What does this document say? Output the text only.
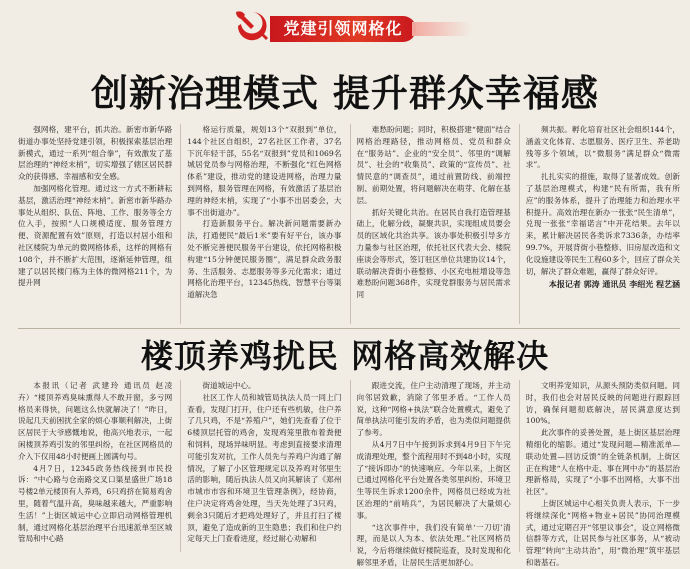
党建引领网格化
创新治理模式 提升群众幸福感

强网格，建平台，抓共治。新密市新华路街道办事处坚持党建引领，积极探索基层治理新模式，通过一系列“组合拳”，有效激发了基层治理的“神经末梢”，切实增强了辖区居民群众的获得感、幸福感和安全感。

加强网格化管理。通过这一方式不断耕耘基层，激活治理“神经末梢”。新密市新华路办事处从组织、队伍、阵地、工作、服务等全方位入手，按照“人口规模适度、服务管理方便、资源配置有效”原则，打造以村居小组和社区楼院为单元的微网格体系，这样的网格有108个，并不断扩大范围，逐渐延伸管理，组建了以居民楼门栋为主体的微网格211个，为提升网

格运行质量，规划13个“双报到”单位，144个社区自组织，27名社区工作者，37名下沉年轻干部，55名“双报到”党员和1069名城居党员参与网格治理，不断强化“红色网格体系”建设，推动党的建设进网格，治理力量到网格，服务管理在网格，有效激活了基层治理的神经末梢，实现了“小事不出居委会，大事不出街道办”。

打造新服务平台。解决新问题需要新办法，打通便民“最后1米”要有好平台，该办事处不断完善便民服务平台建设，依托网格积极构建“15分钟便民服务圈”，满足群众政务服务、生活服务、志愿服务等多元化需求；通过网格化治理平台，12345热线、智慧平台等渠道解决急

难愁盼问题；同时，积极搭建“健面”结合网格治理路径，推动网格员、党员和群众在“服务站”、企业的“安全员”、邻里的“调解员”、社会的“收集员”、政策的“宣传员”、社情民意的“调查员”，通过前置防线、前端控制、前期处置，将问题解决在萌芽、化解在基层。

抓好关键化共治。在居民自我打造管理基础上，化解分歧，凝聚共识，实现组成员要会员的区域化共治共享。该办事处积极引导多方力量参与社区治理，依托社区代表大会、楼院座谈会等形式，签订驻区单位共建协议14个，联动解决背街小巷整修、小区充电桩增设等急难愁盼问题368件，实现党群服务与居民需求同

频共振。孵化培育社区社会组织144个，涵盖文化体育、志愿服务、医疗卫生、养老助残等多个领域，以“微服务”满足群众“微需求”。

扎扎实实的措施，取得了显著成效。创新了基层治理模式，构建“民有所需，我有所应”的服务体系，提升了治理能力和治理水平积提升。高效治理在新办一张张“民生清单”，兑现一张张“幸福诺言”中开花结果。去年以来，累计解决居民各类诉求7336条，办结率99.7%，开展背街小巷整修、旧房屋改造和文化设施建设等民生工程60多个，回应了群众关切，解决了群众难题，赢得了群众好评。

本报记者 郭涛 通讯员 李绍光 程艺涵
楼顶养鸡扰民 网格高效解决

本报讯（记者 武建玲 通讯员 赵凌卉）“楼顶养鸡臭味熏得人不敢开窗，多亏网格员来得快，问题这么快就解决了！”昨日，说起几天前困扰全家的烦心事顺利解决，上街区居民于大爷感慨地说，他高兴地表示，一起闲楼顶养鸡引发的邻里纠纷，在社区网格员的介入下仅用48小时便画上圆满句号。

4月7日，12345政务热线接到市民投诉：“中心路与仓南路交叉口渠星盛世广场18号楼2单元楼顶有人养鸡，6只鸡挤在简易鸡舍里，随着气温升高，臭味越来越大，严重影响生活！”上街区城运中心立即启动网格管理机制，通过网格化基层治理平台迅速派单至区城管局和中心路

街道城运中心。

社区工作人员和城管局执法人员一同上门查看，发现门打开，住户还有些机敏，住户养了几只鸡，不是“养殖户”，她们先查看了位于6楼顶层托管的鸡舍，发现鸡笼里散布着粪便和饲料，现场异味明显。考虑到直接要求清理可能引发对抗，工作人员先与养鸡户沟通了解情况，了解了小区管理规定以及养鸡对邻里生活的影响，随后执法人员又向其解读了《郑州市城市市容和环境卫生管理条例》，经协商，住户决定将鸡舍处理，当天先处理了3只鸡，剩余3只随后才把鸡处理好了，并且打扫了楼顶，避免了造成新的卫生隐患；我们和住户约定每天上门查看进度，经过耐心劝解和

跟进交流，住户主动清理了现场，并主动向邻居致歉，消除了邻里矛盾。“工作人员说，这种“网格+执法”联合处置模式，避免了简单执法可能引发的矛盾，也为类似问题提供了参考。

从4月7日中午接到诉求到4月9日下午完成清理处理，整个流程用时不到48小时，实现了“接诉即办”的快速响应。今年以来，上街区已通过网格化平台处置各类邻里纠纷、环境卫生等民生诉求1200余件，网格员已经成为社区治理的“前哨兵”，为居民解决了大量烦心事。

“这次事件中，我们没有简单‘一刀切’清理，而是以人为本、依法处理。”社区网格员说，今后将继续做好楼院巡查，及时发现和化解邻里矛盾，让居民生活更加舒心。

文明养宠知识，从源头预防类似问题。同时，我们也会对居民反映的问题进行跟踪回访，确保问题彻底解决，居民满意度达到100%。

此次事件的妥善处置，是上街区基层治理精细化的缩影。通过“发现问题—精准派单—联动处置—回访反馈”的全链条机制，上街区正在构建“人在格中走、事在网中办”的基层治理新格局，实现了“小事不出网格，大事不出社区”。

上街区城运中心相关负责人表示，下一步将继续深化“网格+物业+居民”协同治理模式，通过定期召开“邻里议事会”，设立网格微信群等方式，让居民参与社区事务，从“被动管理”转向“主动共治”，用“微治理”筑牢基层和谐基石。
